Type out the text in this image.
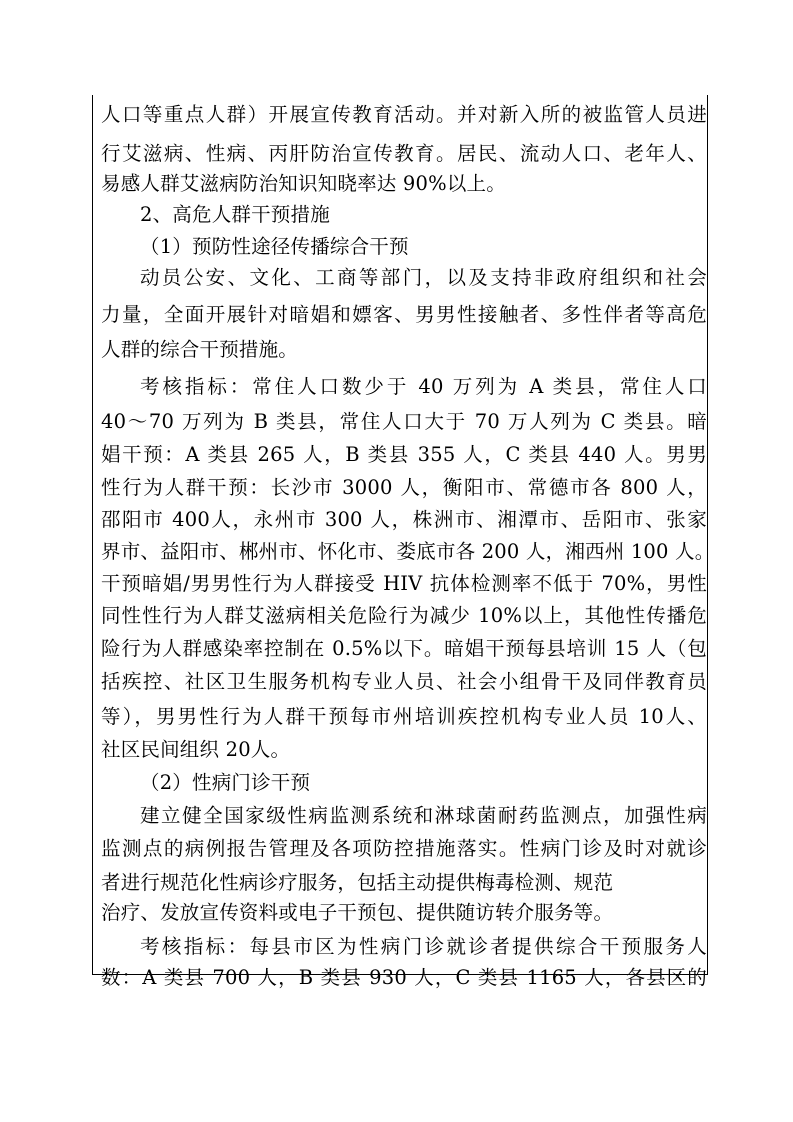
人口等重点人群）开展宣传教育活动。并对新入所的被监管人员进
行艾滋病、性病、丙肝防治宣传教育。居民、流动人口、老年人、
易感人群艾滋病防治知识知晓率达 90%以上。
2、高危人群干预措施
（1）预防性途径传播综合干预
动员公安、文化、工商等部门，以及支持非政府组织和社会
力量，全面开展针对暗娼和嫖客、男男性接触者、多性伴者等高危
人群的综合干预措施。
考核指标：常住人口数少于 40 万列为 A 类县，常住人口
40～70 万列为 B 类县，常住人口大于 70 万人列为 C 类县。暗
娼干预：A 类县 265 人，B 类县 355 人，C 类县 440 人。男男
性行为人群干预：长沙市 3000 人，衡阳市、常德市各 800 人，
邵阳市 400人，永州市 300 人，株洲市、湘潭市、岳阳市、张家
界市、益阳市、郴州市、怀化市、娄底市各 200 人，湘西州 100 人。
干预暗娼/男男性行为人群接受 HIV 抗体检测率不低于 70%，男性
同性性行为人群艾滋病相关危险行为减少 10%以上，其他性传播危
险行为人群感染率控制在 0.5%以下。暗娼干预每县培训 15 人（包
括疾控、社区卫生服务机构专业人员、社会小组骨干及同伴教育员
等），男男性行为人群干预每市州培训疾控机构专业人员 10人、
社区民间组织 20人。
（2）性病门诊干预
建立健全国家级性病监测系统和淋球菌耐药监测点，加强性病
监测点的病例报告管理及各项防控措施落实。性病门诊及时对就诊
者进行规范化性病诊疗服务，包括主动提供梅毒检测、规范
治疗、发放宣传资料或电子干预包、提供随访转介服务等。
考核指标：每县市区为性病门诊就诊者提供综合干预服务人
数：A 类县 700 人，B 类县 930 人，C 类县 1165 人，各县区的
